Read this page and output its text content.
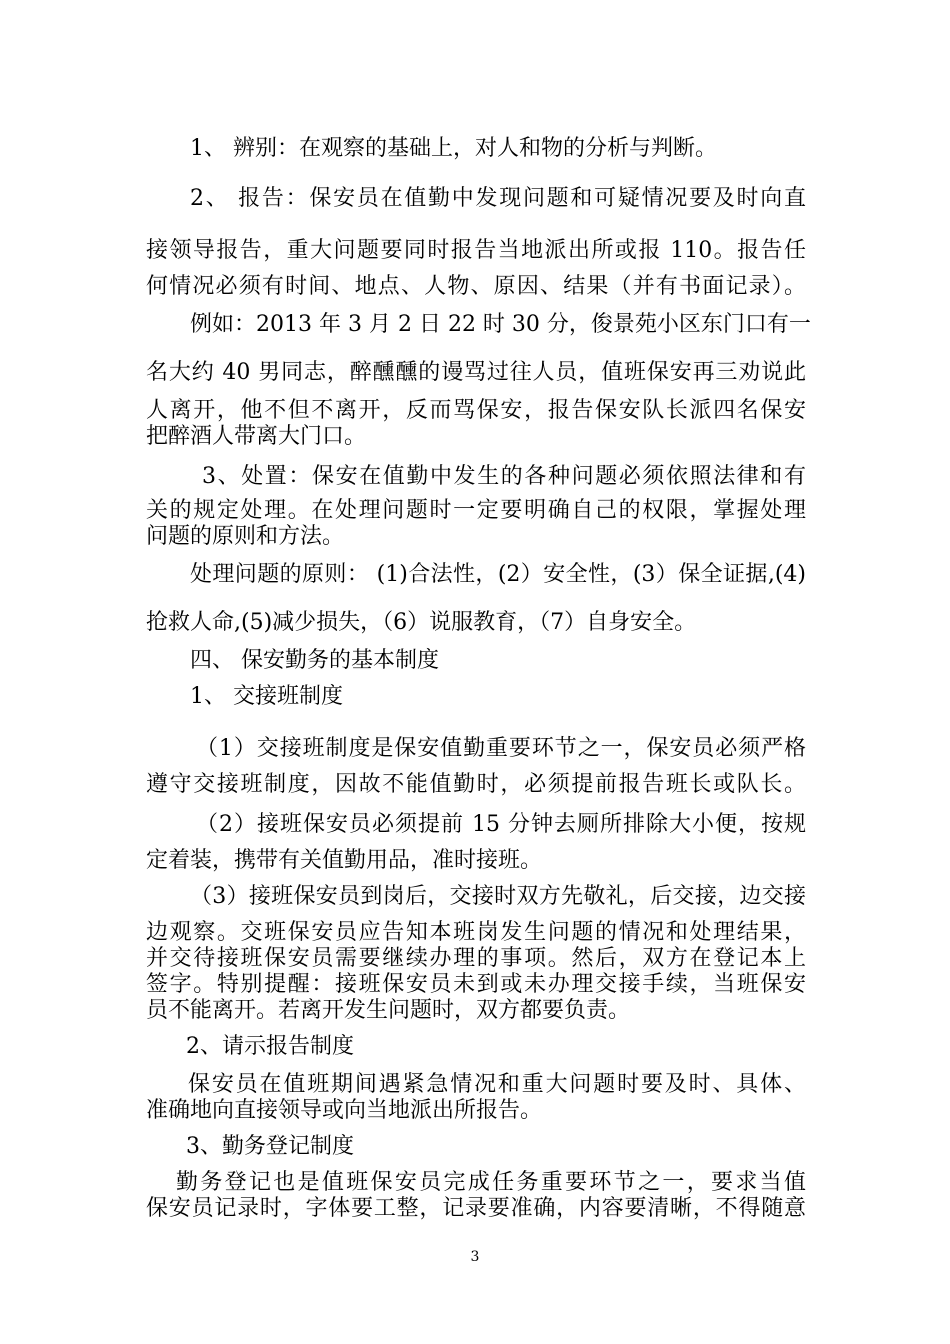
1、 辨别：在观察的基础上，对人和物的分析与判断。
2、 报告：保安员在值勤中发现问题和可疑情况要及时向直
接领导报告，重大问题要同时报告当地派出所或报 110。报告任
何情况必须有时间、地点、人物、原因、结果（并有书面记录）。
例如：2013 年 3 月 2 日 22 时 30 分，俊景苑小区东门口有一
名大约 40 男同志，醉醺醺的谩骂过往人员，值班保安再三劝说此
人离开，他不但不离开，反而骂保安，报告保安队长派四名保安
把醉酒人带离大门口。
3、处置：保安在值勤中发生的各种问题必须依照法律和有
关的规定处理。在处理问题时一定要明确自己的权限，掌握处理
问题的原则和方法。
处理问题的原则： (1)合法性，(2）安全性，(3）保全证据,(4)
抢救人命,(5)减少损失，（6）说服教育，（7）自身安全。
四、 保安勤务的基本制度
1、 交接班制度
（1）交接班制度是保安值勤重要环节之一，保安员必须严格
遵守交接班制度，因故不能值勤时，必须提前报告班长或队长。
（2）接班保安员必须提前 15 分钟去厕所排除大小便，按规
定着装，携带有关值勤用品，准时接班。
（3）接班保安员到岗后，交接时双方先敬礼，后交接，边交接
边观察。交班保安员应告知本班岗发生问题的情况和处理结果，
并交待接班保安员需要继续办理的事项。然后，双方在登记本上
签字。特别提醒：接班保安员未到或未办理交接手续，当班保安
员不能离开。若离开发生问题时，双方都要负责。
2、请示报告制度
保安员在值班期间遇紧急情况和重大问题时要及时、具体、
准确地向直接领导或向当地派出所报告。
3、勤务登记制度
勤务登记也是值班保安员完成任务重要环节之一，要求当值
保安员记录时，字体要工整，记录要准确，内容要清晰，不得随意
3
